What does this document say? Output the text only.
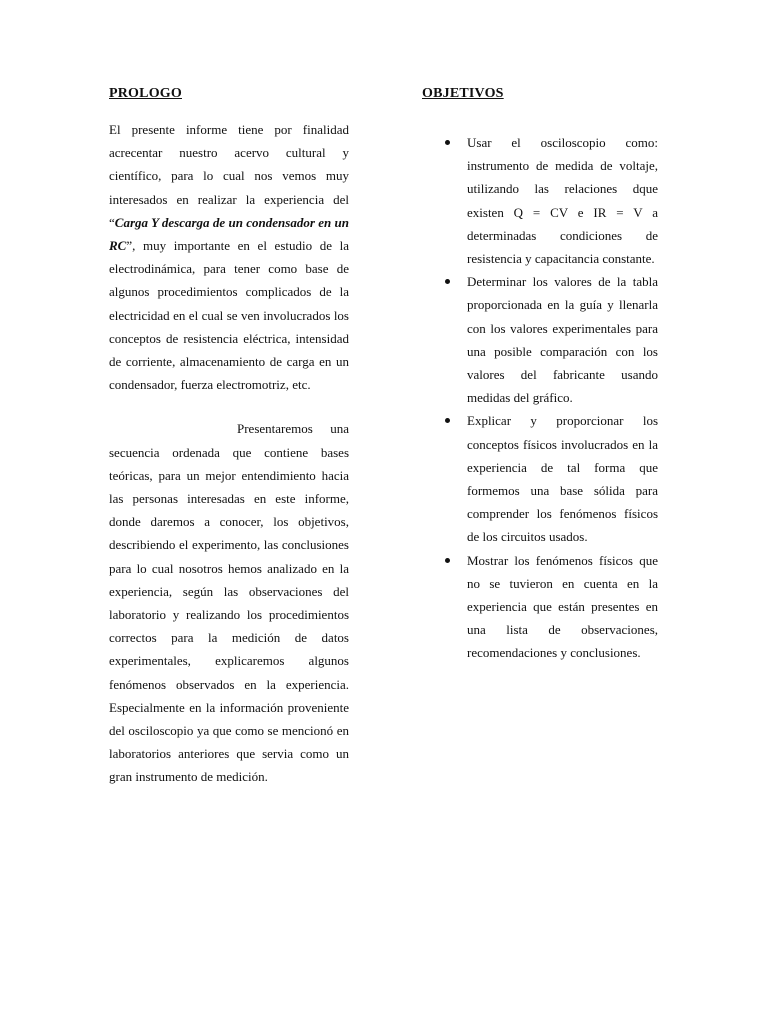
PROLOGO

El presente informe tiene por finalidad acrecentar nuestro acervo cultural y científico, para lo cual nos vemos muy interesados en realizar la experiencia del “Carga Y descarga de un condensador en un RC”, muy importante en el estudio de la electrodinámica, para tener como base de algunos procedimientos complicados de la electricidad en el cual se ven involucrados los conceptos de resistencia eléctrica, intensidad de corriente, almacenamiento de carga en un condensador, fuerza electromotriz, etc.

Presentaremos una secuencia ordenada que contiene bases teóricas, para un mejor entendimiento hacia las personas interesadas en este informe, donde daremos a conocer, los objetivos, describiendo el experimento, las conclusiones para lo cual nosotros hemos analizado en la experiencia, según las observaciones del laboratorio y realizando los procedimientos correctos para la medición de datos experimentales, explicaremos algunos fenómenos observados en la experiencia. Especialmente en la información proveniente del osciloscopio ya que como se mencionó en laboratorios anteriores que servia como un gran instrumento de medición.

OBJETIVOS
Usar el osciloscopio como: instrumento de medida de voltaje, utilizando las relaciones dque existen Q = CV e IR = V a determinadas condiciones de resistencia y capacitancia constante.
Determinar los valores de la tabla proporcionada en la guía y llenarla con los valores experimentales para una posible comparación con los valores del fabricante usando medidas del gráfico.
Explicar y proporcionar los conceptos físicos involucrados en la experiencia de tal forma que formemos una base sólida para comprender los fenómenos físicos de los circuitos usados.
Mostrar los fenómenos físicos que no se tuvieron en cuenta en la experiencia que están presentes en una lista de observaciones, recomendaciones y conclusiones.
